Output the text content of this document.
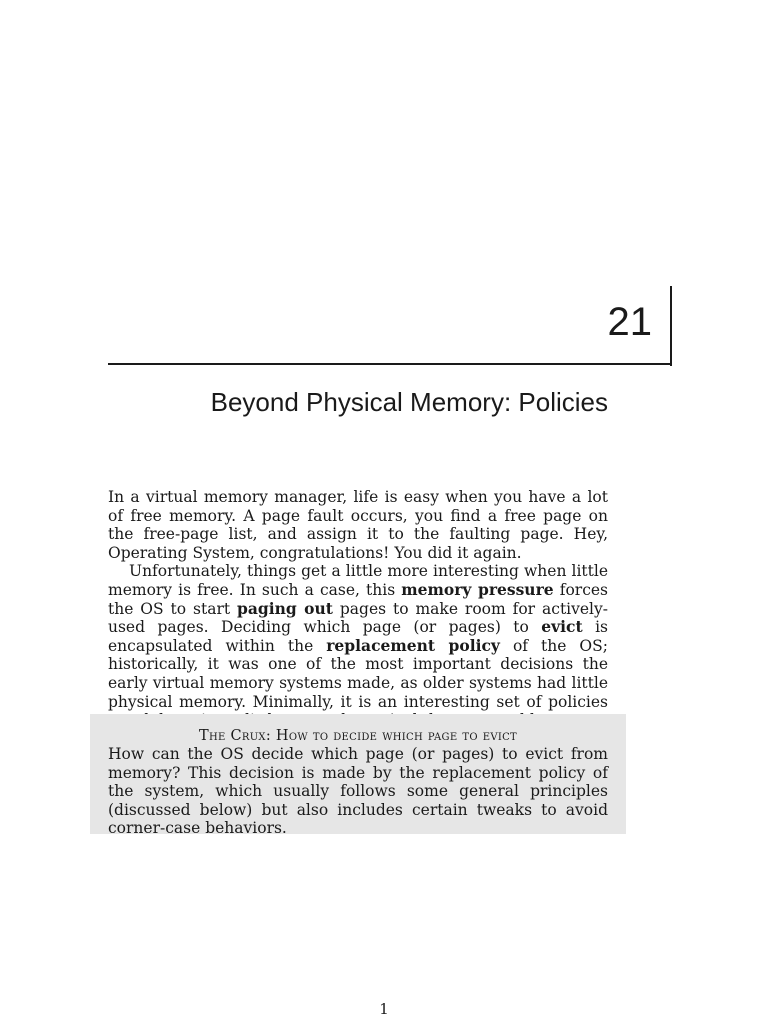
21
Beyond Physical Memory: Policies

In a virtual memory manager, life is easy when you have a lot of free memory. A page fault occurs, you find a free page on the free-page list, and assign it to the faulting page. Hey, Operating System, congratulations! You did it again.

Unfortunately, things get a little more interesting when little memory is free. In such a case, this memory pressure forces the OS to start paging out pages to make room for actively-used pages. Deciding which page (or pages) to evict is encapsulated within the replacement policy of the OS; historically, it was one of the most important decisions the early virtual memory systems made, as older systems had little physical memory. Minimally, it is an interesting set of policies

The Crux: How to decide which page to evict

How can the OS decide which page (or pages) to evict from memory? This decision is made by the replacement policy of the system, which usually follows some general principles (discussed below) but also includes certain tweaks to avoid corner-case behaviors.

1
